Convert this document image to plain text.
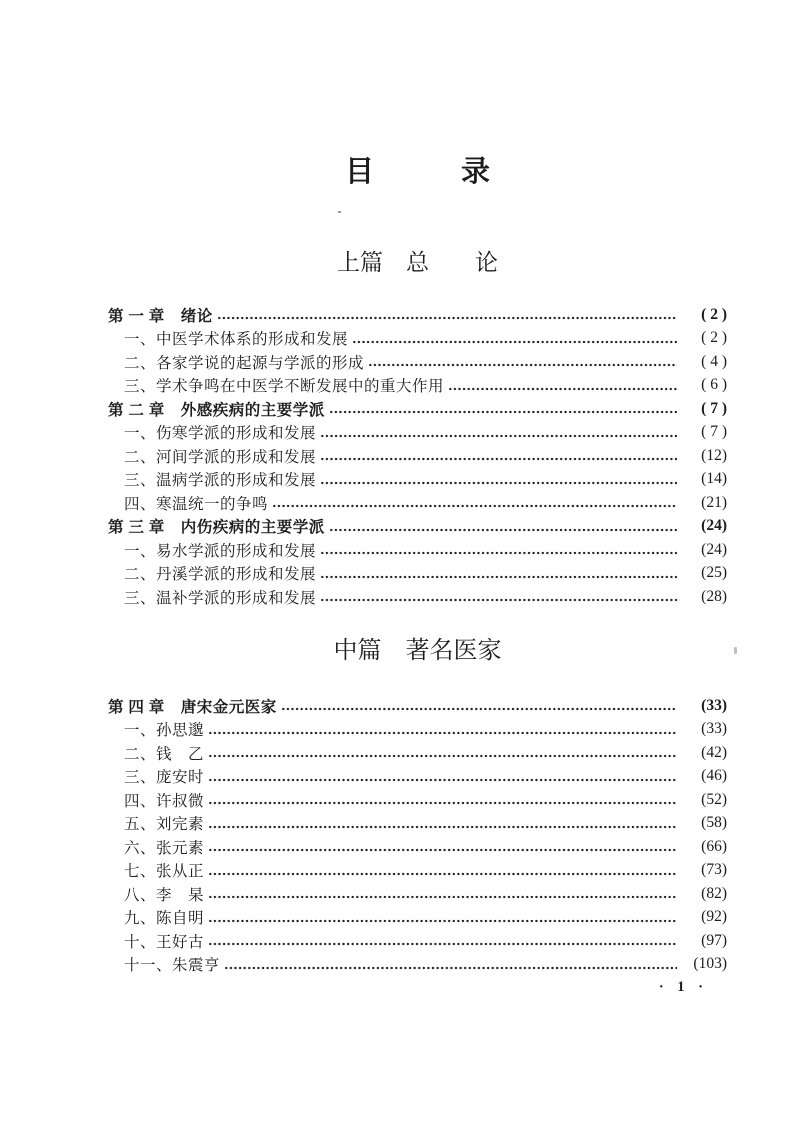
目　　　录
上篇　总　　论
第 一 章　绪论	( 2 )
一、中医学术体系的形成和发展	( 2 )
二、各家学说的起源与学派的形成	( 4 )
三、学术争鸣在中医学不断发展中的重大作用	( 6 )
第 二 章　外感疾病的主要学派	( 7 )
一、伤寒学派的形成和发展	( 7 )
二、河间学派的形成和发展	(12)
三、温病学派的形成和发展	(14)
四、寒温统一的争鸣	(21)
第 三 章　内伤疾病的主要学派	(24)
一、易水学派的形成和发展	(24)
二、丹溪学派的形成和发展	(25)
三、温补学派的形成和发展	(28)
中篇　著名医家
第 四 章　唐宋金元医家	(33)
一、孙思邈	(33)
二、钱　乙	(42)
三、庞安时	(46)
四、许叔微	(52)
五、刘完素	(58)
六、张元素	(66)
七、张从正	(73)
八、李　杲	(82)
九、陈自明	(92)
十、王好古	(97)
十一、朱震亨	(103)
· 1 ·
